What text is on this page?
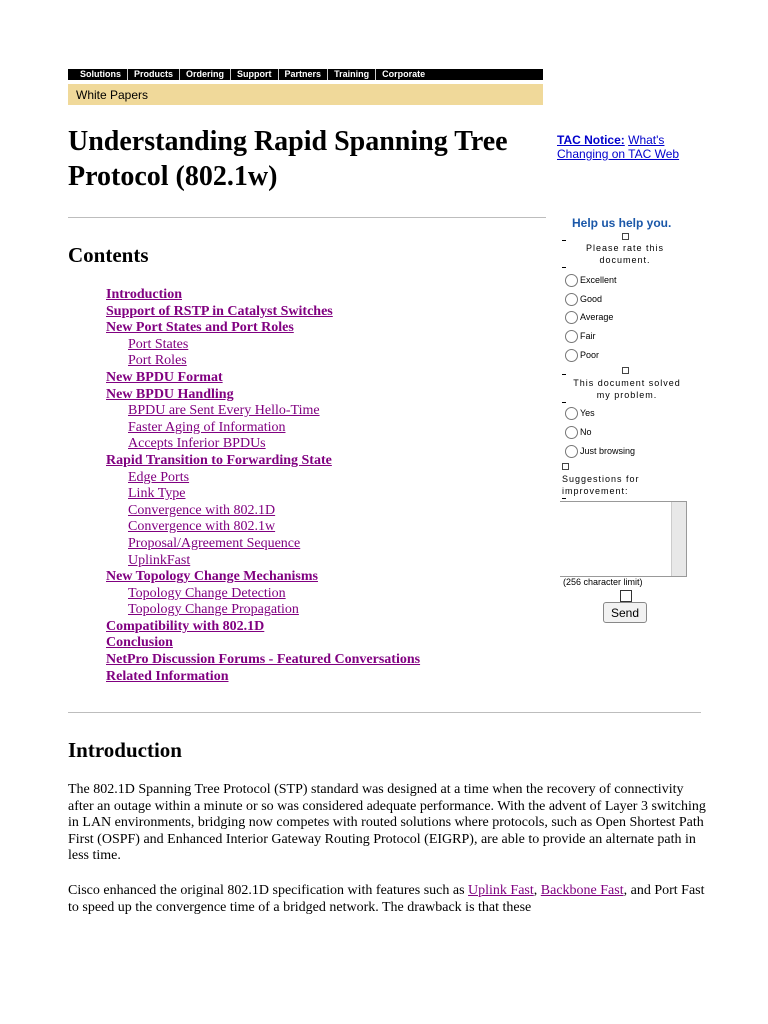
Solutions	Products	Ordering	Support	Partners	Training	Corporate
White Papers
Understanding Rapid Spanning Tree Protocol (802.1w)
TAC Notice: What's Changing on TAC Web
Contents
Introduction
Support of RSTP in Catalyst Switches
New Port States and Port Roles
Port States
Port Roles
New BPDU Format
New BPDU Handling
BPDU are Sent Every Hello-Time
Faster Aging of Information
Accepts Inferior BPDUs
Rapid Transition to Forwarding State
Edge Ports
Link Type
Convergence with 802.1D
Convergence with 802.1w
Proposal/Agreement Sequence
UplinkFast
New Topology Change Mechanisms
Topology Change Detection
Topology Change Propagation
Compatibility with 802.1D
Conclusion
NetPro Discussion Forums - Featured Conversations
Related Information
Help us help you.
Please rate this
document.
Excellent
Good
Average
Fair
Poor
This document solved
my problem.
Yes
No
Just browsing
Suggestions for
improvement:
(256 character limit)
Send
Introduction

The 802.1D Spanning Tree Protocol (STP) standard was designed at a time when the recovery of connectivity after an outage within a minute or so was considered adequate performance. With the advent of Layer 3 switching in LAN environments, bridging now competes with routed solutions where protocols, such as Open Shortest Path First (OSPF) and Enhanced Interior Gateway Routing Protocol (EIGRP), are able to provide an alternate path in less time.

Cisco enhanced the original 802.1D specification with features such as Uplink Fast, Backbone Fast, and Port Fast to speed up the convergence time of a bridged network. The drawback is that these
